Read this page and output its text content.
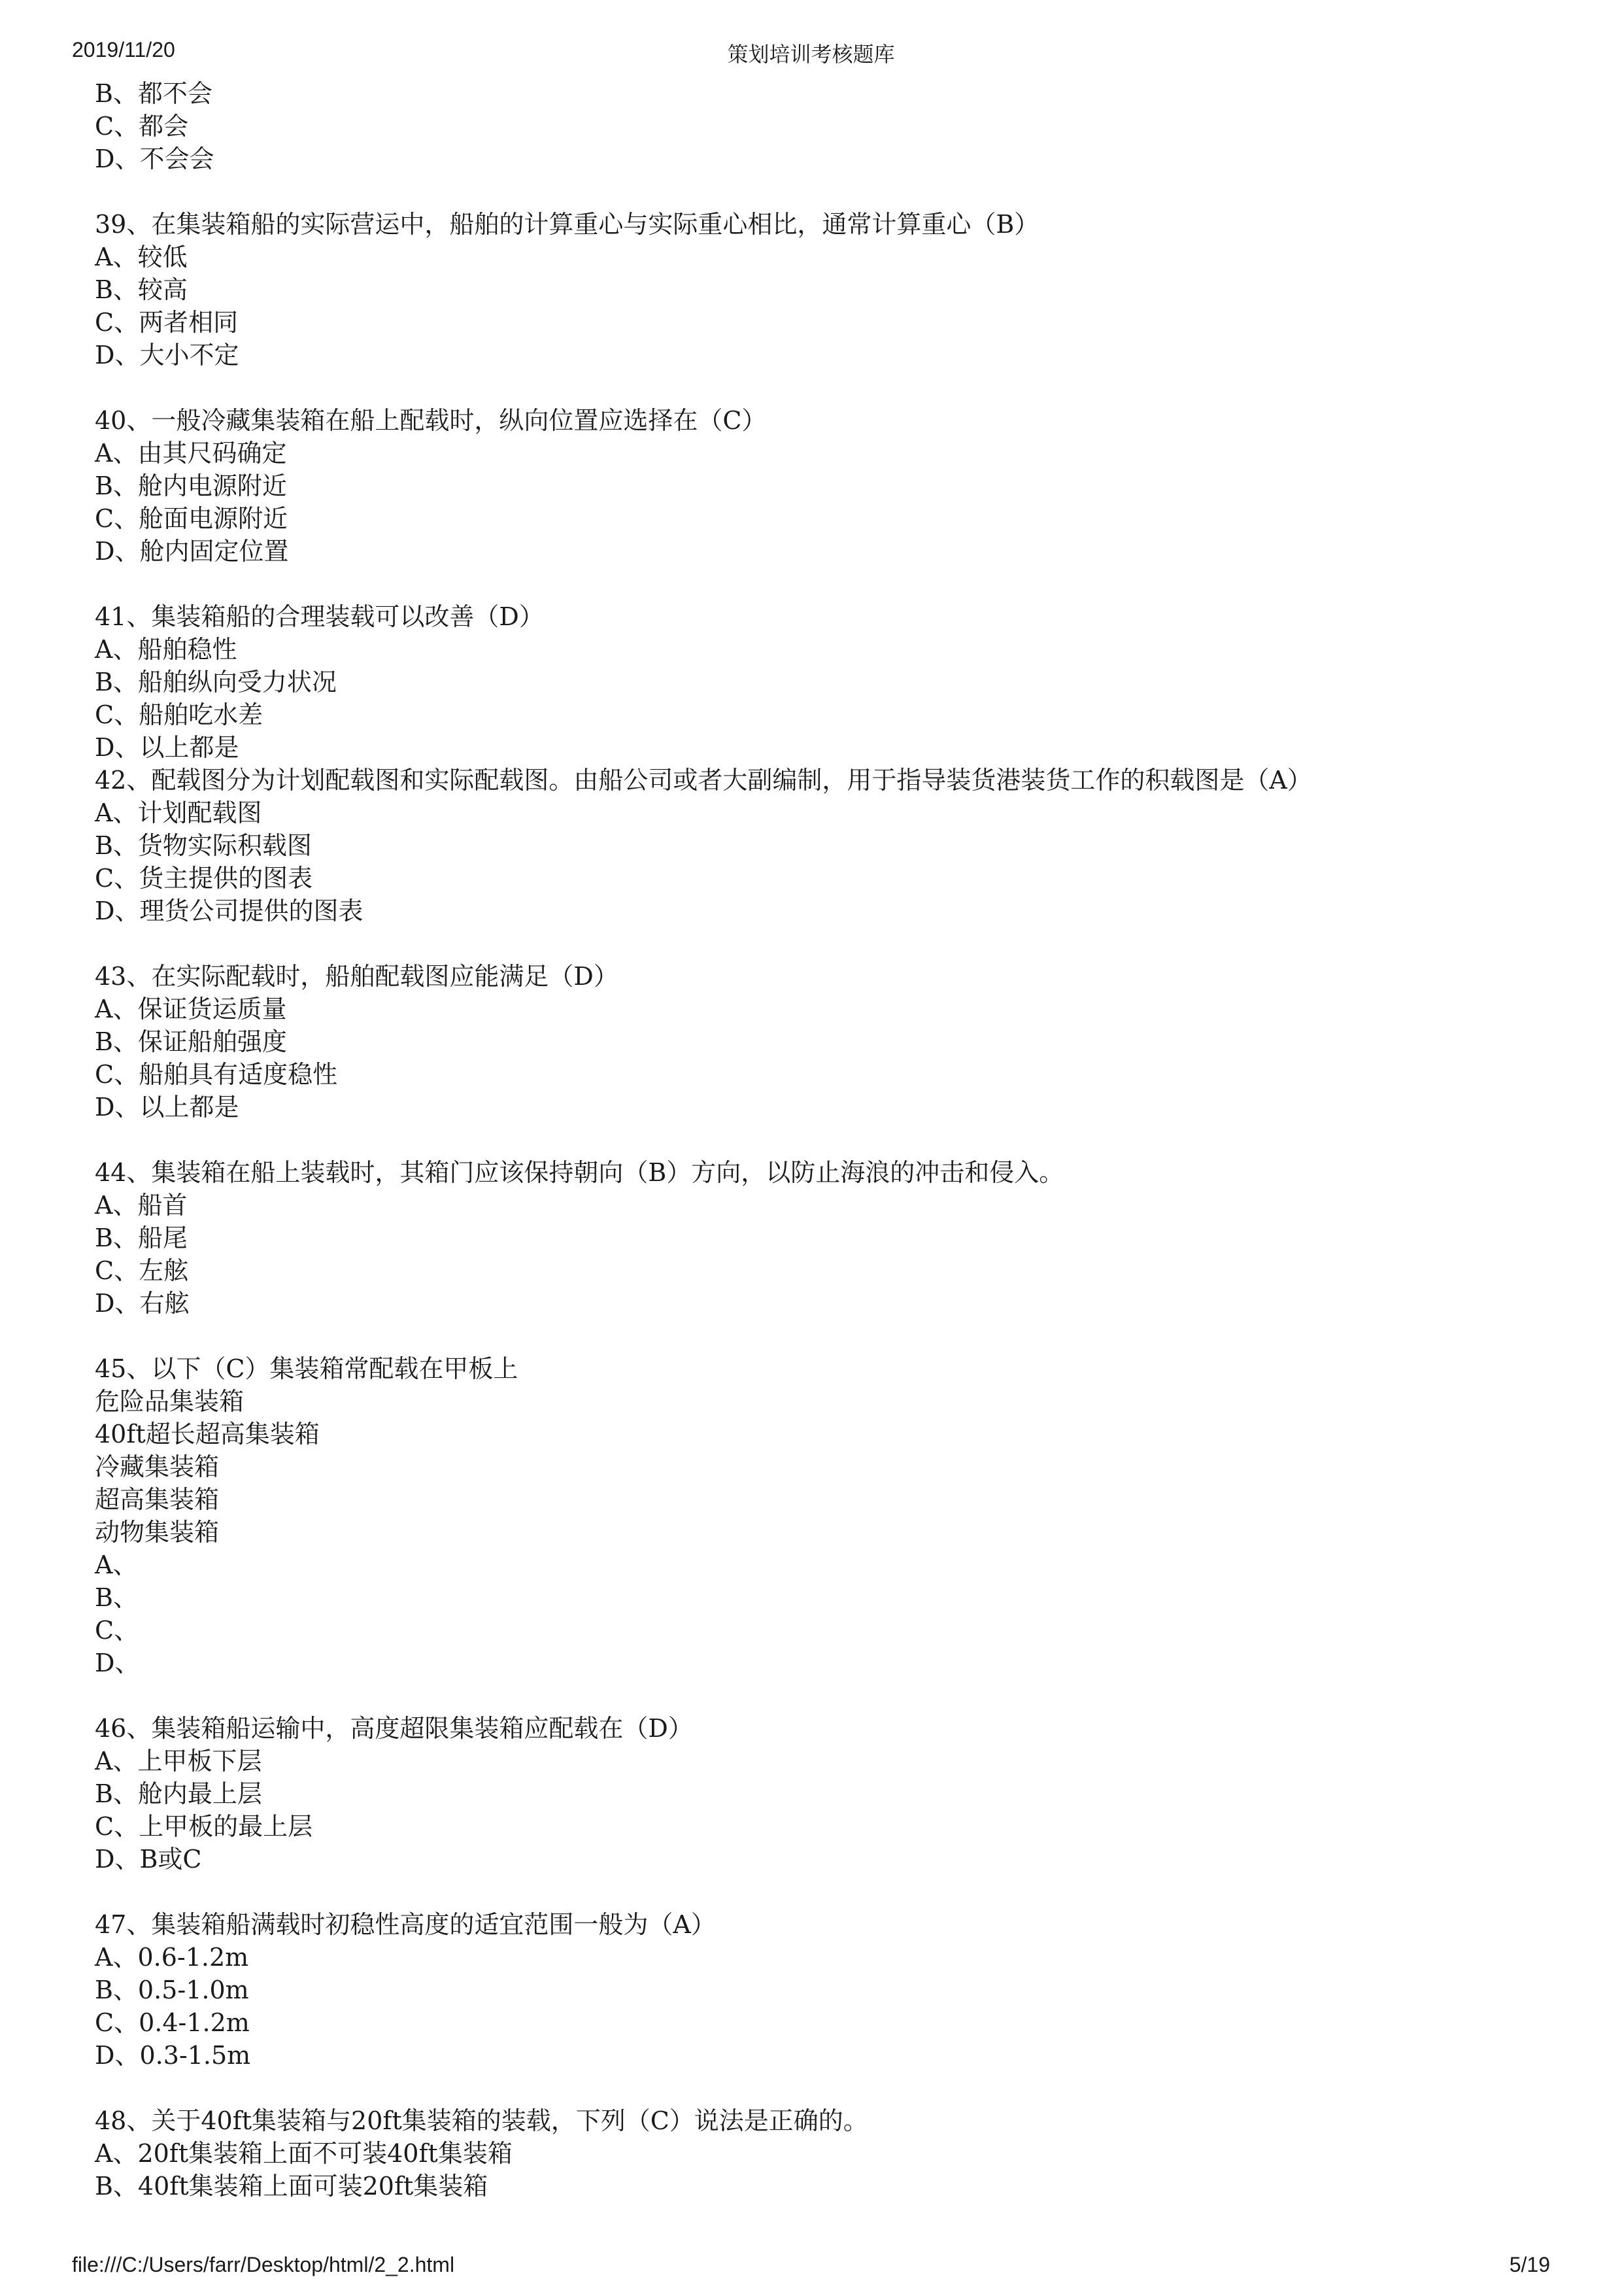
2019/11/20	策划培训考核题库
B、都不会
C、都会
D、不会会
39、在集装箱船的实际营运中，船舶的计算重心与实际重心相比，通常计算重心（B）
A、较低
B、较高
C、两者相同
D、大小不定
40、一般冷藏集装箱在船上配载时，纵向位置应选择在（C）
A、由其尺码确定
B、舱内电源附近
C、舱面电源附近
D、舱内固定位置
41、集装箱船的合理装载可以改善（D）
A、船舶稳性
B、船舶纵向受力状况
C、船舶吃水差
D、以上都是
42、配载图分为计划配载图和实际配载图。由船公司或者大副编制，用于指导装货港装货工作的积载图是（A）
A、计划配载图
B、货物实际积载图
C、货主提供的图表
D、理货公司提供的图表
43、在实际配载时，船舶配载图应能满足（D）
A、保证货运质量
B、保证船舶强度
C、船舶具有适度稳性
D、以上都是
44、集装箱在船上装载时，其箱门应该保持朝向（B）方向，以防止海浪的冲击和侵入。
A、船首
B、船尾
C、左舷
D、右舷
45、以下（C）集装箱常配载在甲板上
危险品集装箱
40ft超长超高集装箱
冷藏集装箱
超高集装箱
动物集装箱
A、
B、
C、
D、
46、集装箱船运输中，高度超限集装箱应配载在（D）
A、上甲板下层
B、舱内最上层
C、上甲板的最上层
D、B或C
47、集装箱船满载时初稳性高度的适宜范围一般为（A）
A、0.6-1.2m
B、0.5-1.0m
C、0.4-1.2m
D、0.3-1.5m
48、关于40ft集装箱与20ft集装箱的装载，下列（C）说法是正确的。
A、20ft集装箱上面不可装40ft集装箱
B、40ft集装箱上面可装20ft集装箱
file:///C:/Users/farr/Desktop/html/2_2.html	5/19
